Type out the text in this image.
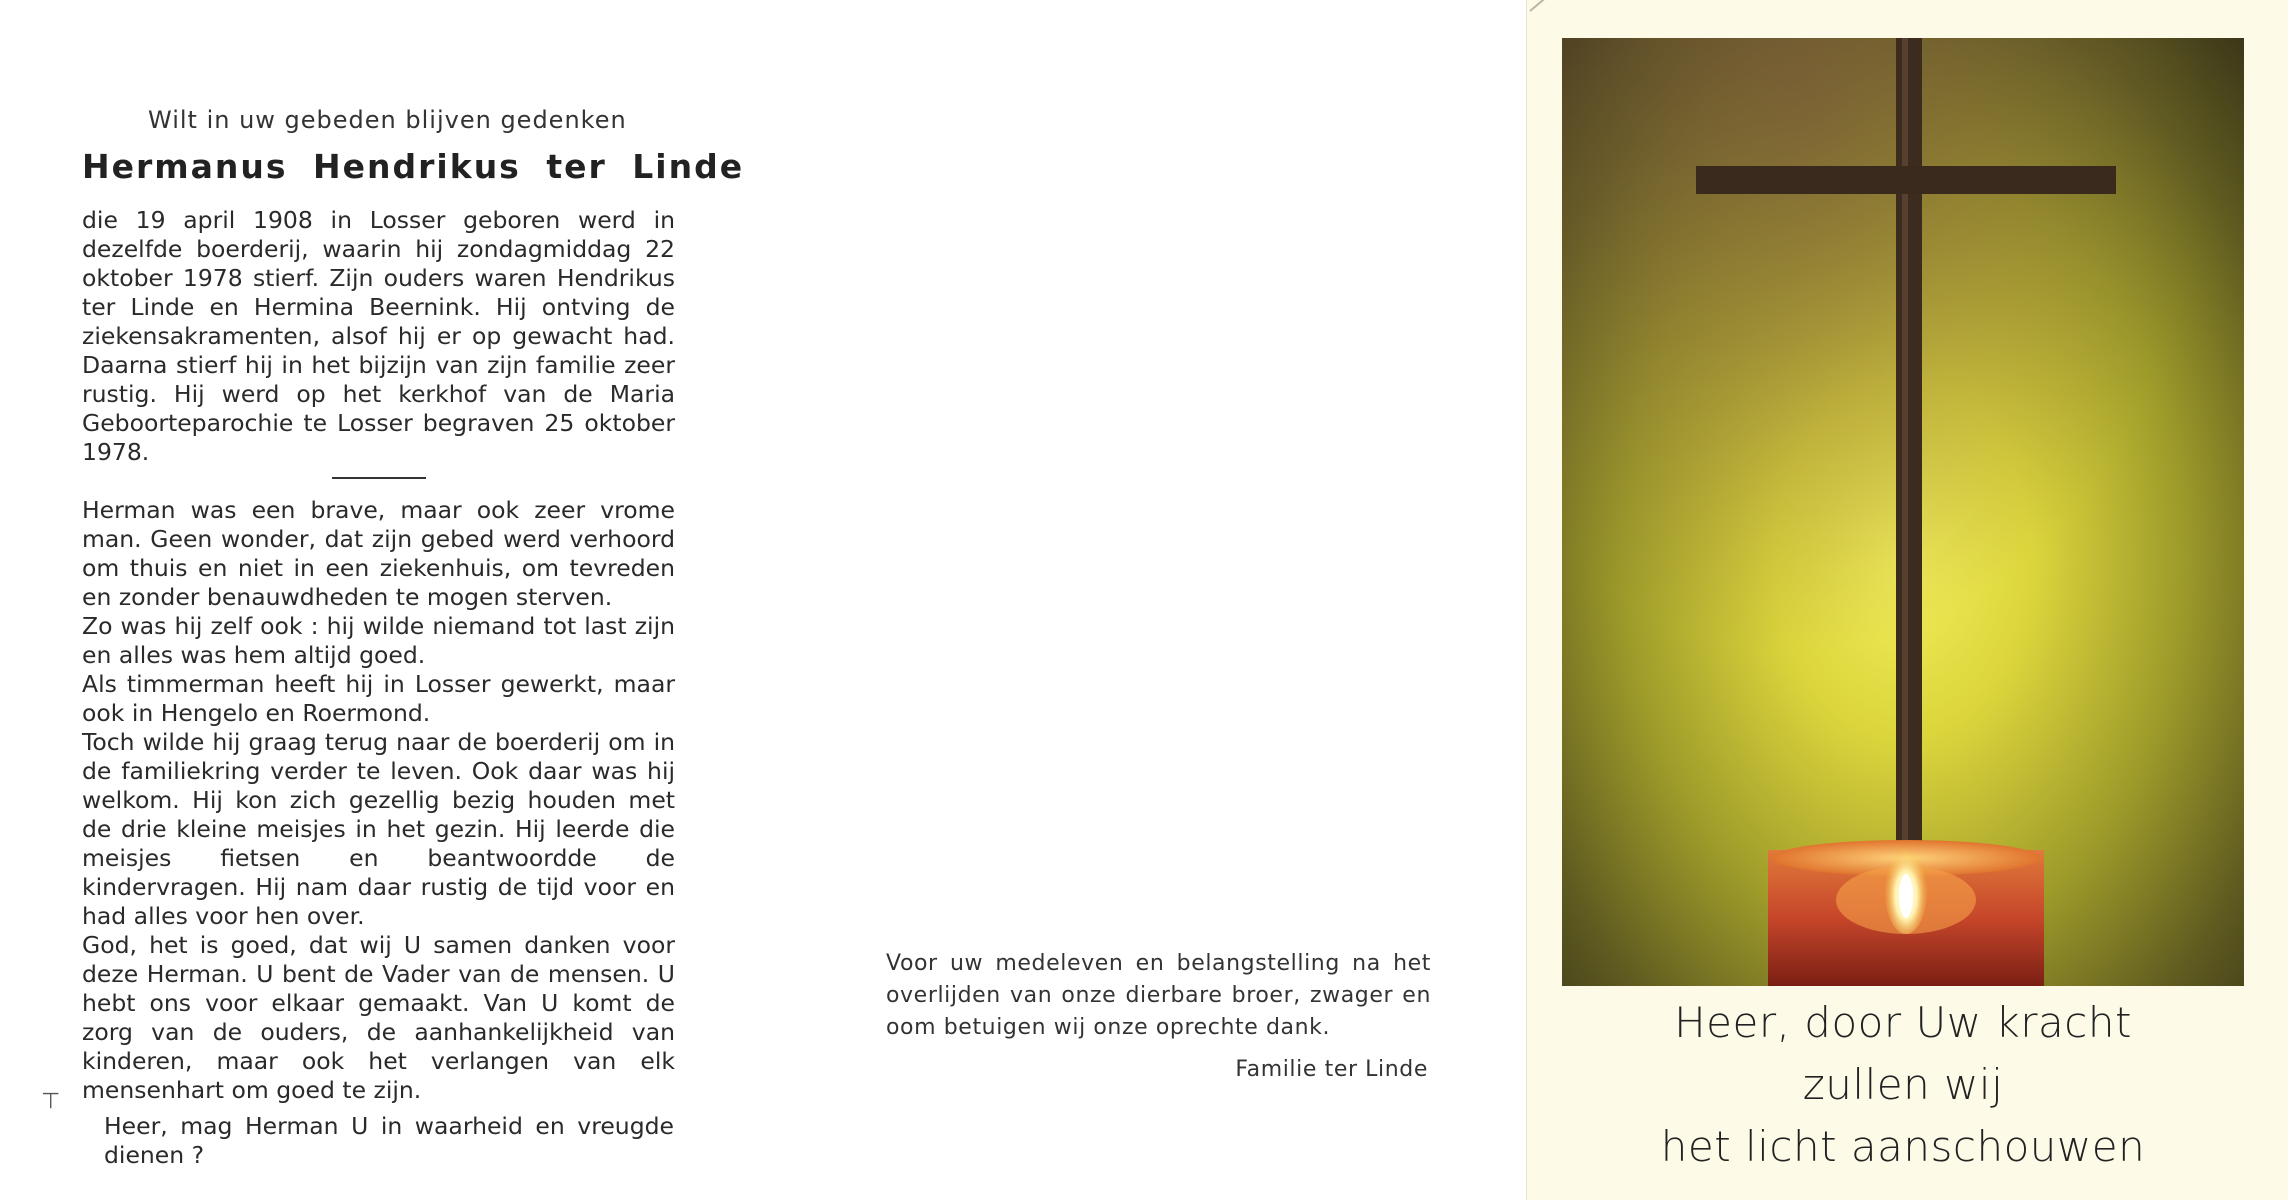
Wilt in uw gebeden blijven gedenken
Hermanus Hendrikus ter Linde

die 19 april 1908 in Losser geboren werd in dezelfde boerderij, waarin hij zondagmiddag 22 oktober 1978 stierf. Zijn ouders waren Hendrikus ter Linde en Hermina Beernink. Hij ontving de ziekensakramenten, alsof hij er op gewacht had. Daarna stierf hij in het bijzijn van zijn familie zeer rustig. Hij werd op het kerkhof van de Maria Geboorteparochie te Losser begraven 25 oktober 1978.

Herman was een brave, maar ook zeer vrome man. Geen wonder, dat zijn gebed werd verhoord om thuis en niet in een ziekenhuis, om tevreden en zonder benauwdheden te mogen sterven.

Zo was hij zelf ook : hij wilde niemand tot last zijn en alles was hem altijd goed.

Als timmerman heeft hij in Losser gewerkt, maar ook in Hengelo en Roermond.

Toch wilde hij graag terug naar de boerderij om in de familiekring verder te leven. Ook daar was hij welkom. Hij kon zich gezellig bezig houden met de drie kleine meisjes in het gezin. Hij leerde die meisjes fietsen en beantwoordde de kindervragen. Hij nam daar rustig de tijd voor en had alles voor hen over.

God, het is goed, dat wij U samen danken voor deze Herman. U bent de Vader van de mensen. U hebt ons voor elkaar gemaakt. Van U komt de zorg van de ouders, de aanhankelijkheid van kinderen, maar ook het verlangen van elk mensenhart om goed te zijn.

⊢
Heer, mag Herman U in waarheid en vreugde dienen ?
Voor uw medeleven en belangstelling na het overlijden van onze dierbare broer, zwager en oom betuigen wij onze oprechte dank.
Familie ter Linde
Heer, door Uw kracht
zullen wij
het licht aanschouwen
